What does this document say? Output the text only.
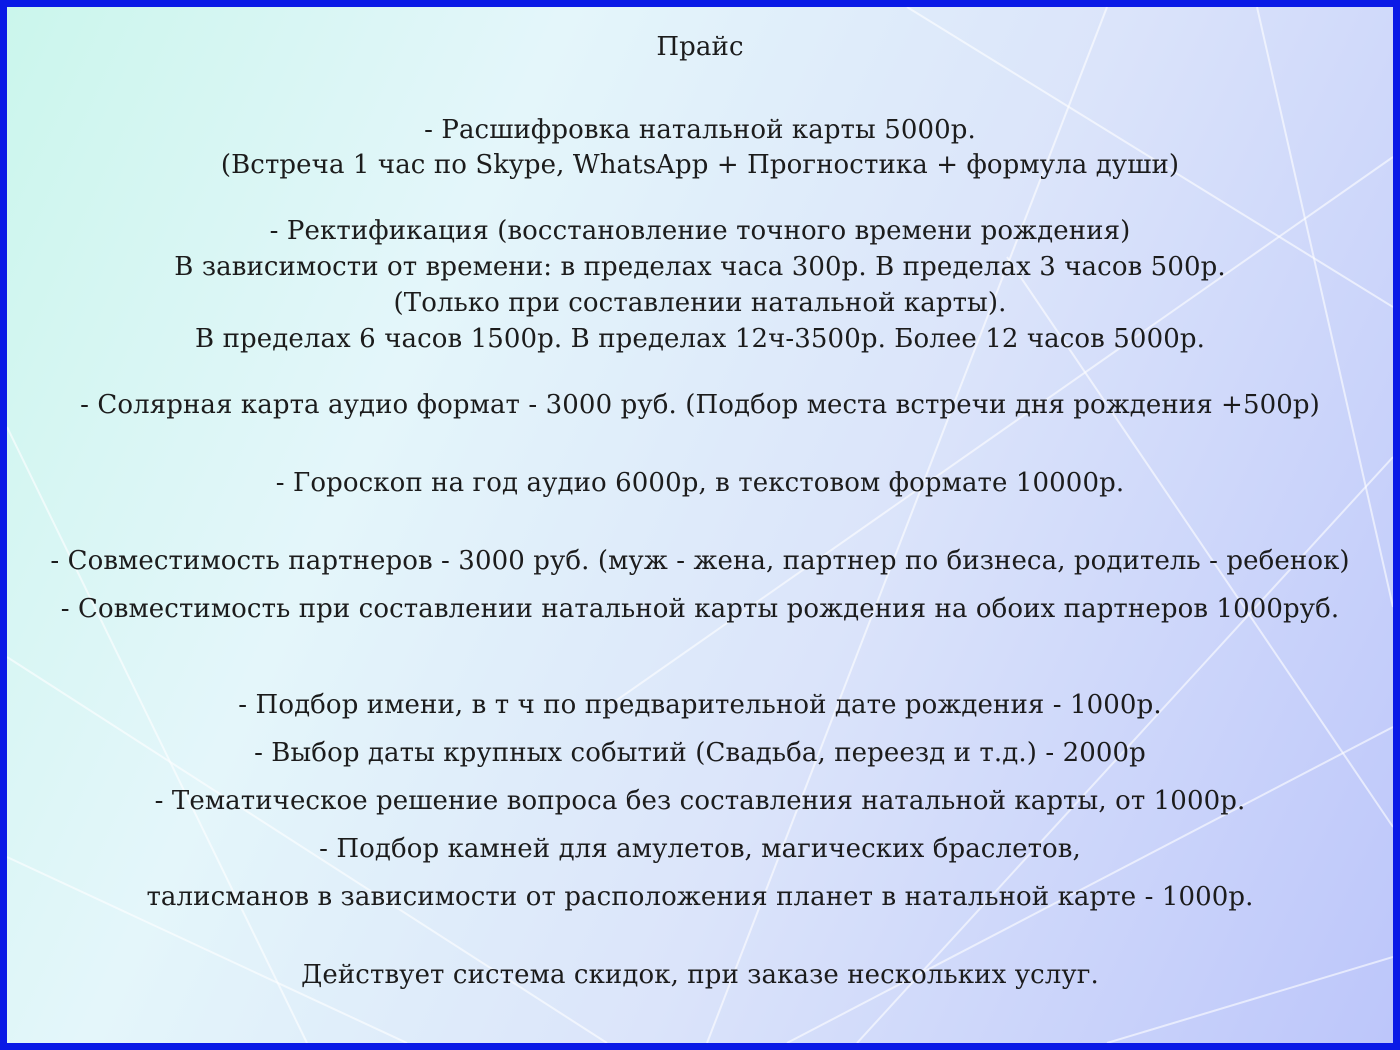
Прайс
- Расшифровка натальной карты 5000р.
(Встреча 1 час по Skype, WhatsApp + Прогностика + формула души)
- Ректификация (восстановление точного времени рождения)
В зависимости от времени: в пределах часа 300р. В пределах 3 часов 500р.
(Только при составлении натальной карты).
В пределах 6 часов 1500р. В пределах 12ч-3500р. Более 12 часов 5000р.
- Солярная карта аудио формат - 3000 руб. (Подбор места встречи дня рождения +500р)
- Гороскоп на год аудио 6000р, в текстовом формате 10000р.
- Совместимость партнеров - 3000 руб. (муж - жена, партнер по бизнеса, родитель - ребенок)
- Совместимость при составлении натальной карты рождения на обоих партнеров 1000руб.
- Подбор имени, в т ч по предварительной дате рождения - 1000р.
- Выбор даты крупных событий (Свадьба, переезд и т.д.) - 2000р
- Тематическое решение вопроса без составления натальной карты, от 1000р.
- Подбор камней для амулетов, магических браслетов,
талисманов в зависимости от расположения планет в натальной карте - 1000р.
Действует система скидок, при заказе нескольких услуг.
